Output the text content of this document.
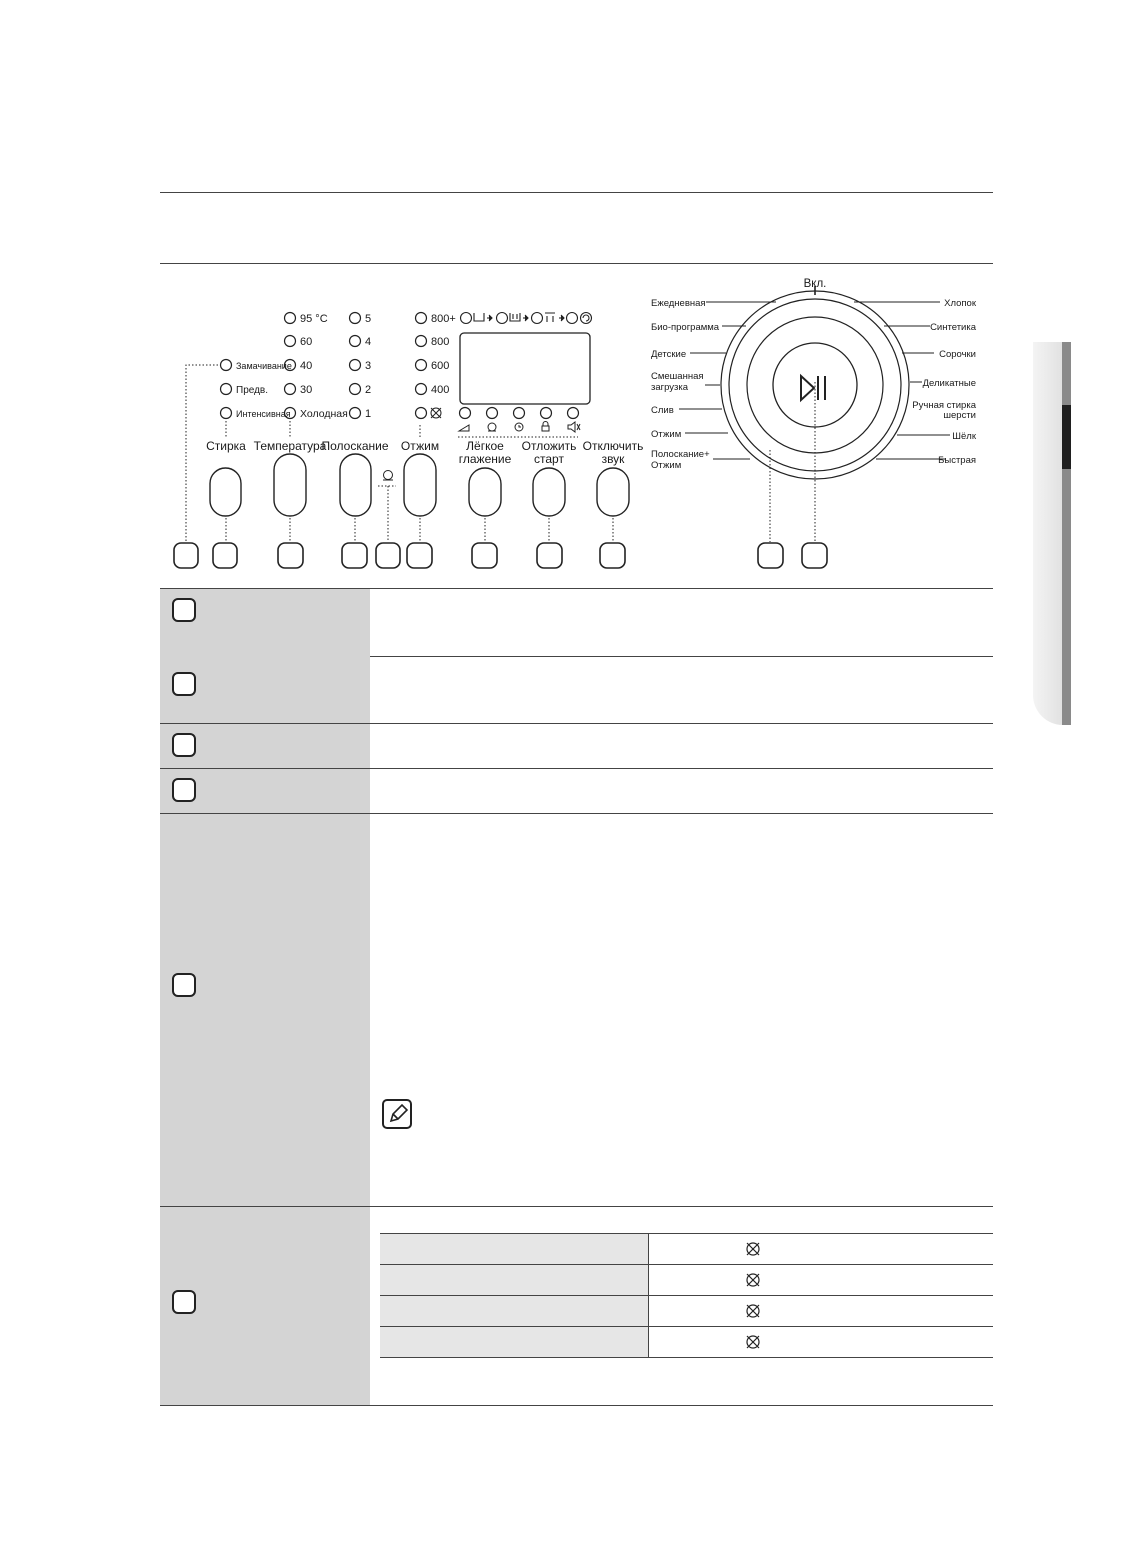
95 °C
60
40
30
Холодная
5
4
3
2
1
800+
800
600
400
Замачивание
Предв.
Интенсивная
Стирка Температура
Полоскание Отжим Лёгкое
глажение
Отложить
старт
Отключить
звук
Вкл.
Ежедневная
Био-программа
Детские
Смешанная
загрузка
Слив
Отжим
Полоскание+
Отжим
Хлопок
Синтетика
Сорочки
Деликатные
Ручная стирка
шерсти
Шёлк
Быстрая
